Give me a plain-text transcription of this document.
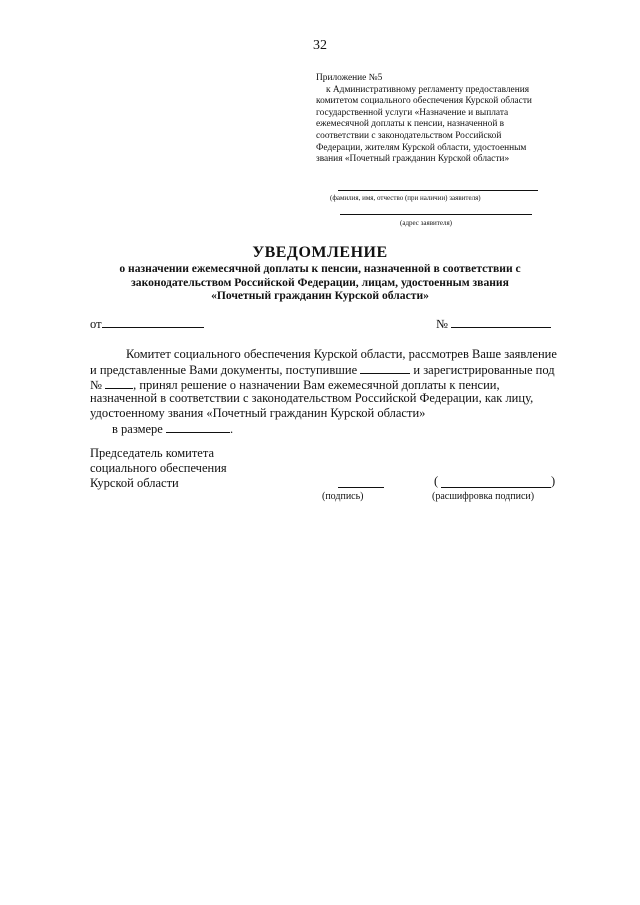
32
Приложение №5
к Административному регламенту предоставления
комитетом социального обеспечения Курской области
государственной услуги «Назначение и выплата
ежемесячной доплаты к пенсии, назначенной в
соответствии с законодательством Российской
Федерации, жителям Курской области, удостоенным
звания «Почетный гражданин Курской области»
(фамилия, имя, отчество (при наличии) заявителя)
(адрес заявителя)
УВЕДОМЛЕНИЕ
о назначении ежемесячной доплаты к пенсии, назначенной в соответствии с
законодательством Российской Федерации, лицам, удостоенным звания
«Почетный гражданин Курской области»
от	№
Комитет социального обеспечения Курской области, рассмотрев Ваше заявление
и представленные Вами документы, поступившие	и зарегистрированные под
№ , принял решение о назначении Вам ежемесячной доплаты к пенсии,
назначенной в соответствии с законодательством Российской Федерации, как лицу,
удостоенному звания «Почетный гражданин Курской области»
в размере	.
Председатель комитета
социального обеспечения
Курской области
(подпись)
(	)
(расшифровка подписи)
